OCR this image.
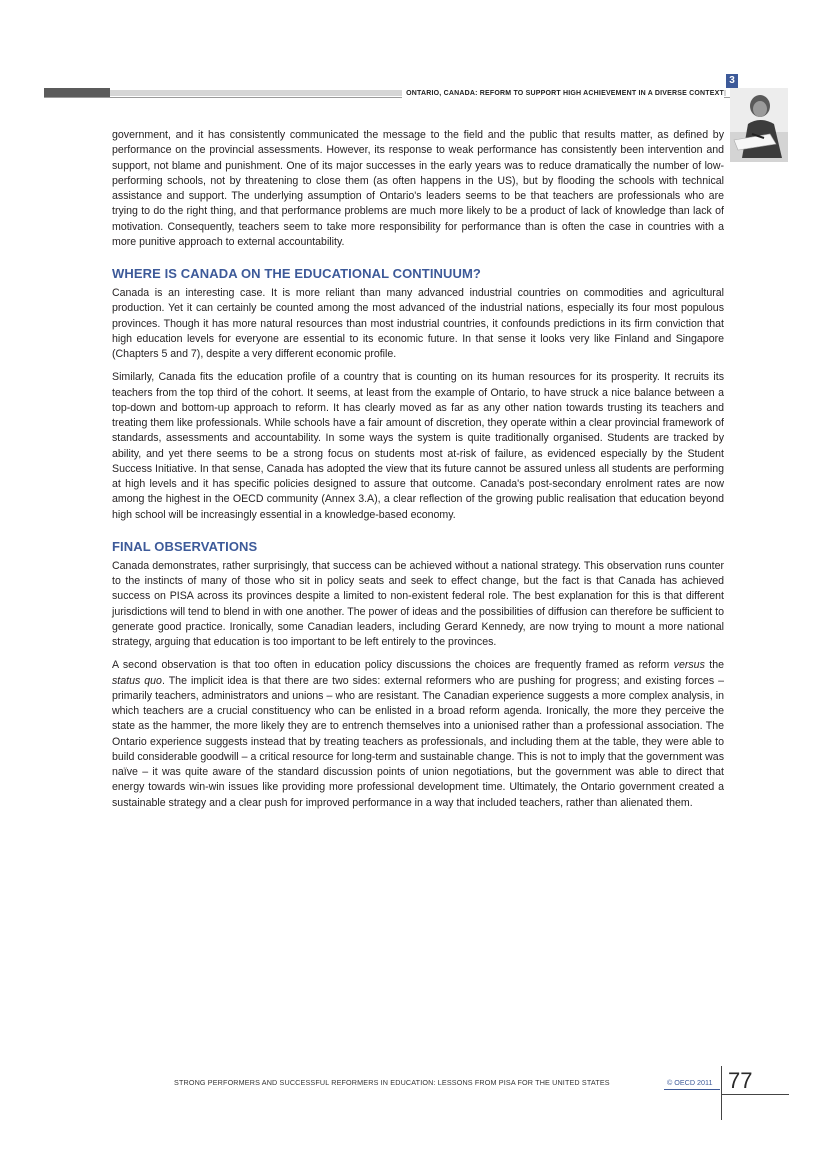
ONTARIO, CANADA: REFORM TO SUPPORT HIGH ACHIEVEMENT IN A DIVERSE CONTEXT
3

government, and it has consistently communicated the message to the field and the public that results matter, as defined by performance on the provincial assessments. However, its response to weak performance has consistently been intervention and support, not blame and punishment. One of its major successes in the early years was to reduce dramatically the number of low-performing schools, not by threatening to close them (as often happens in the US), but by flooding the schools with technical assistance and support. The underlying assumption of Ontario's leaders seems to be that teachers are professionals who are trying to do the right thing, and that performance problems are much more likely to be a product of lack of knowledge than lack of motivation. Consequently, teachers seem to take more responsibility for performance than is often the case in countries with a more punitive approach to external accountability.

WHERE IS CANADA ON THE EDUCATIONAL CONTINUUM?

Canada is an interesting case. It is more reliant than many advanced industrial countries on commodities and agricultural production. Yet it can certainly be counted among the most advanced of the industrial nations, especially its four most populous provinces. Though it has more natural resources than most industrial countries, it confounds predictions in its firm conviction that high education levels for everyone are essential to its economic future. In that sense it looks very like Finland and Singapore (Chapters 5 and 7), despite a very different economic profile.

Similarly, Canada fits the education profile of a country that is counting on its human resources for its prosperity. It recruits its teachers from the top third of the cohort. It seems, at least from the example of Ontario, to have struck a nice balance between a top-down and bottom-up approach to reform. It has clearly moved as far as any other nation towards trusting its teachers and treating them like professionals. While schools have a fair amount of discretion, they operate within a clear provincial framework of standards, assessments and accountability. In some ways the system is quite traditionally organised. Students are tracked by ability, and yet there seems to be a strong focus on students most at-risk of failure, as evidenced especially by the Student Success Initiative. In that sense, Canada has adopted the view that its future cannot be assured unless all students are performing at high levels and it has specific policies designed to assure that outcome. Canada's post-secondary enrolment rates are now among the highest in the OECD community (Annex 3.A), a clear reflection of the growing public realisation that education beyond high school will be increasingly essential in a knowledge-based economy.

FINAL OBSERVATIONS

Canada demonstrates, rather surprisingly, that success can be achieved without a national strategy. This observation runs counter to the instincts of many of those who sit in policy seats and seek to effect change, but the fact is that Canada has achieved success on PISA across its provinces despite a limited to non-existent federal role. The best explanation for this is that different jurisdictions will tend to blend in with one another. The power of ideas and the possibilities of diffusion can therefore be sufficient to generate good practice. Ironically, some Canadian leaders, including Gerard Kennedy, are now trying to mount a more national strategy, arguing that education is too important to be left entirely to the provinces.

A second observation is that too often in education policy discussions the choices are frequently framed as reform versus the status quo. The implicit idea is that there are two sides: external reformers who are pushing for progress; and existing forces – primarily teachers, administrators and unions – who are resistant. The Canadian experience suggests a more complex analysis, in which teachers are a crucial constituency who can be enlisted in a broad reform agenda. Ironically, the more they perceive the state as the hammer, the more likely they are to entrench themselves into a unionised rather than a professional association. The Ontario experience suggests instead that by treating teachers as professionals, and including them at the table, they were able to build considerable goodwill – a critical resource for long-term and sustainable change. This is not to imply that the government was naïve – it was quite aware of the standard discussion points of union negotiations, but the government was able to direct that energy towards win-win issues like providing more professional development time. Ultimately, the Ontario government created a sustainable strategy and a clear push for improved performance in a way that included teachers, rather than alienated them.

STRONG PERFORMERS AND SUCCESSFUL REFORMERS IN EDUCATION: LESSONS FROM PISA FOR THE UNITED STATES	© OECD 2011 77
